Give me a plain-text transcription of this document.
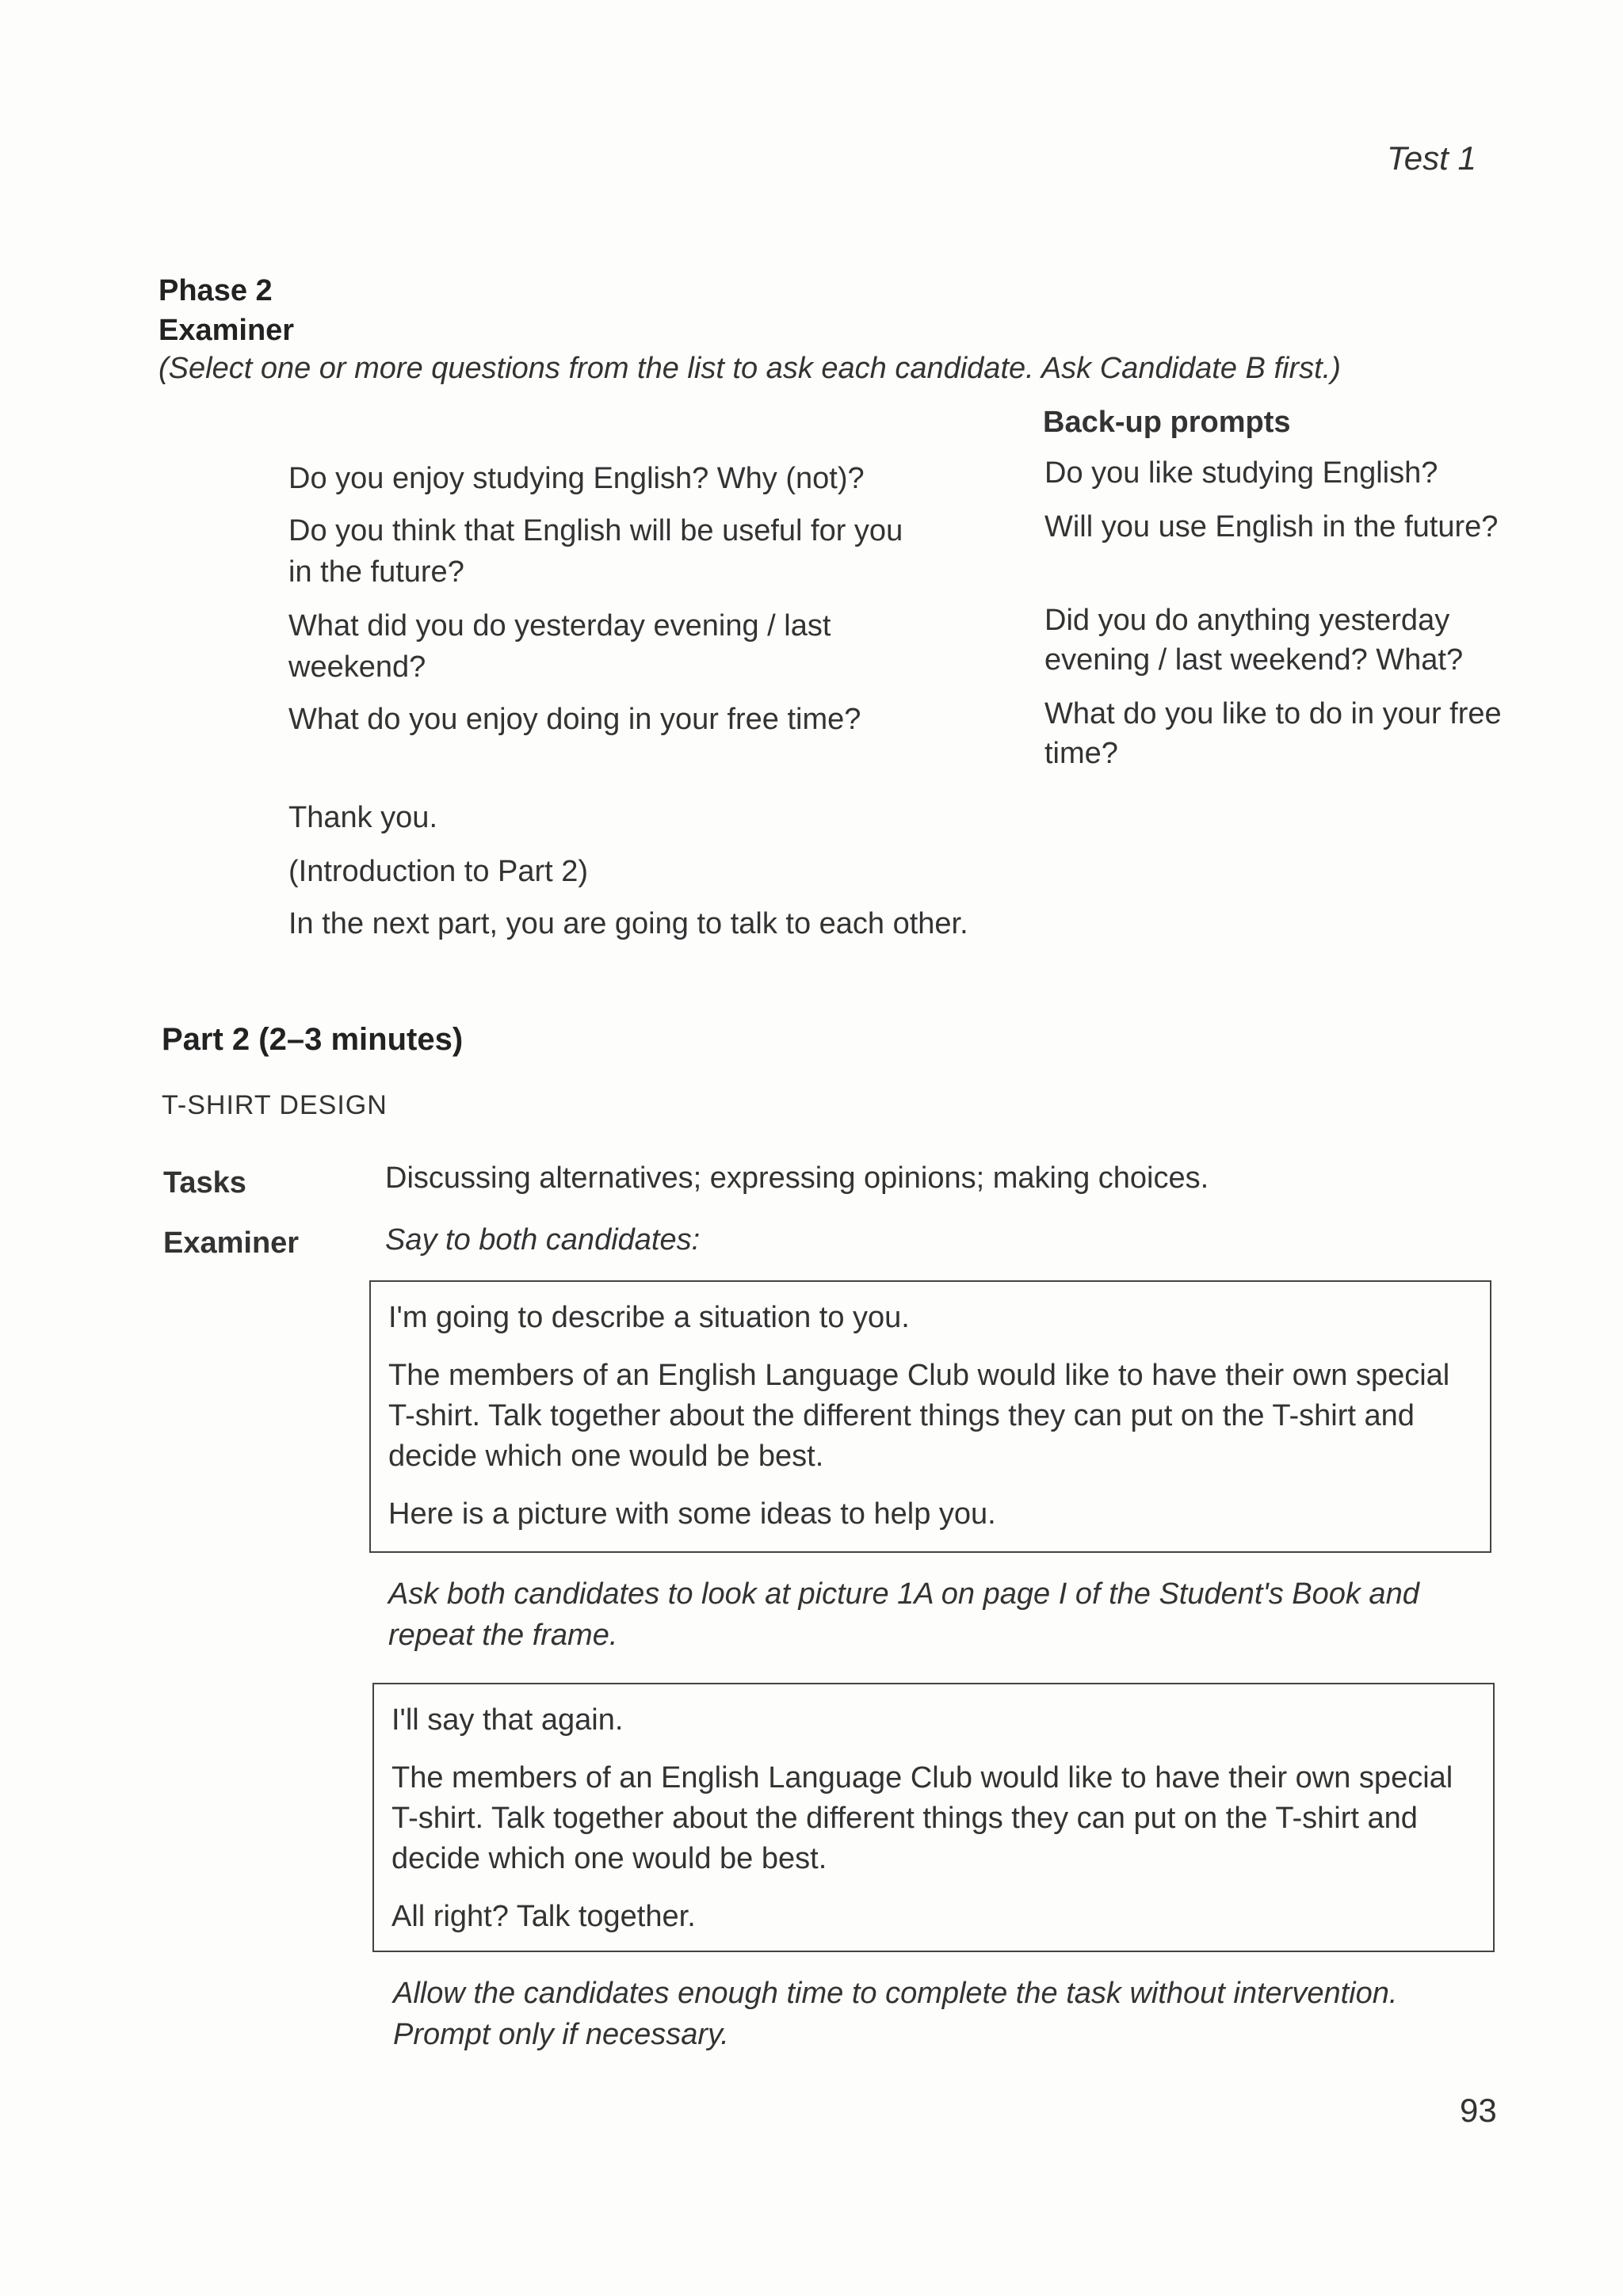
Test 1
Phase 2
Examiner
(Select one or more questions from the list to ask each candidate. Ask Candidate B first.)
Back-up prompts
Do you enjoy studying English? Why (not)?
Do you think that English will be useful for you in the future?
What did you do yesterday evening / last weekend?
What do you enjoy doing in your free time?
Do you like studying English?
Will you use English in the future?
Did you do anything yesterday evening / last weekend? What?
What do you like to do in your free time?
Thank you.
(Introduction to Part 2)
In the next part, you are going to talk to each other.
Part 2 (2–3 minutes)
T-SHIRT DESIGN
Tasks	Discussing alternatives; expressing opinions; making choices.
Examiner	Say to both candidates:

I'm going to describe a situation to you.

The members of an English Language Club would like to have their own special T-shirt. Talk together about the different things they can put on the T-shirt and decide which one would be best.

Here is a picture with some ideas to help you.

Ask both candidates to look at picture 1A on page I of the Student's Book and repeat the frame.

I'll say that again.

The members of an English Language Club would like to have their own special T-shirt. Talk together about the different things they can put on the T-shirt and decide which one would be best.

All right? Talk together.

Allow the candidates enough time to complete the task without intervention. Prompt only if necessary.
93
